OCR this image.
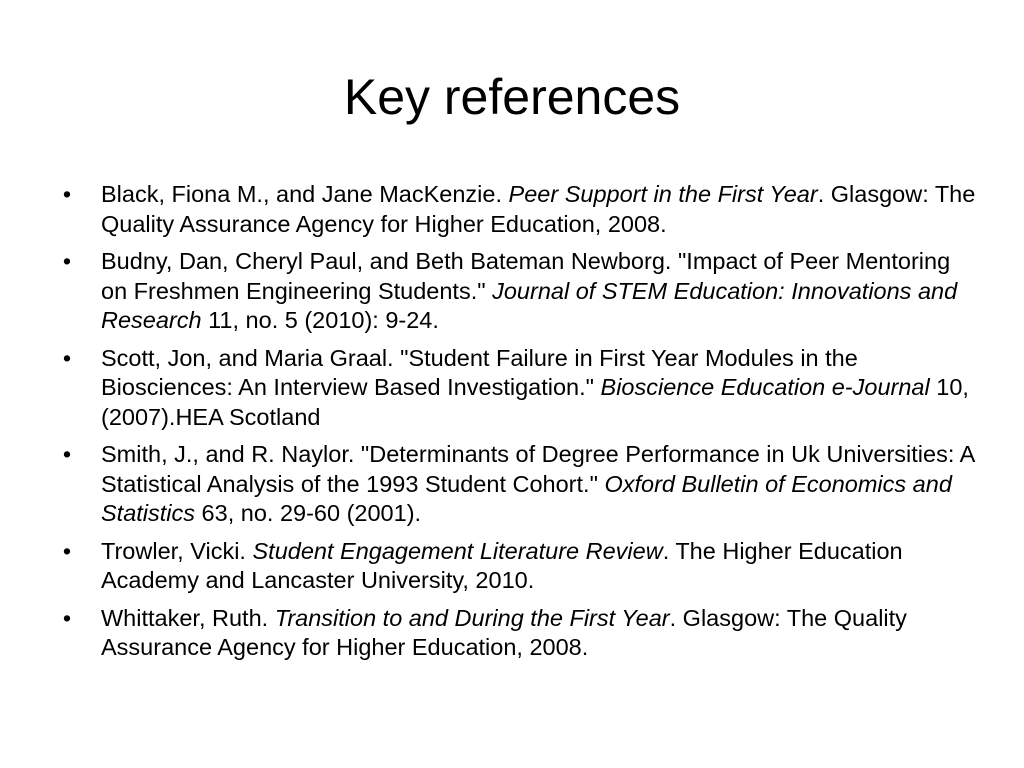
Key references
• Black, Fiona M., and Jane MacKenzie. Peer Support in the First Year. Glasgow: The Quality Assurance Agency for Higher Education, 2008.
• Budny, Dan, Cheryl Paul, and Beth Bateman Newborg. "Impact of Peer Mentoring on Freshmen Engineering Students." Journal of STEM Education: Innovations and Research 11, no. 5 (2010): 9-24.
• Scott, Jon, and Maria Graal. "Student Failure in First Year Modules in the Biosciences: An Interview Based Investigation." Bioscience Education e-Journal 10, (2007).HEA Scotland
• Smith, J., and R. Naylor. "Determinants of Degree Performance in Uk Universities: A Statistical Analysis of the 1993 Student Cohort." Oxford Bulletin of Economics and Statistics 63, no. 29-60 (2001).
• Trowler, Vicki. Student Engagement Literature Review. The Higher Education Academy and Lancaster University, 2010.
• Whittaker, Ruth. Transition to and During the First Year. Glasgow: The Quality Assurance Agency for Higher Education, 2008.
